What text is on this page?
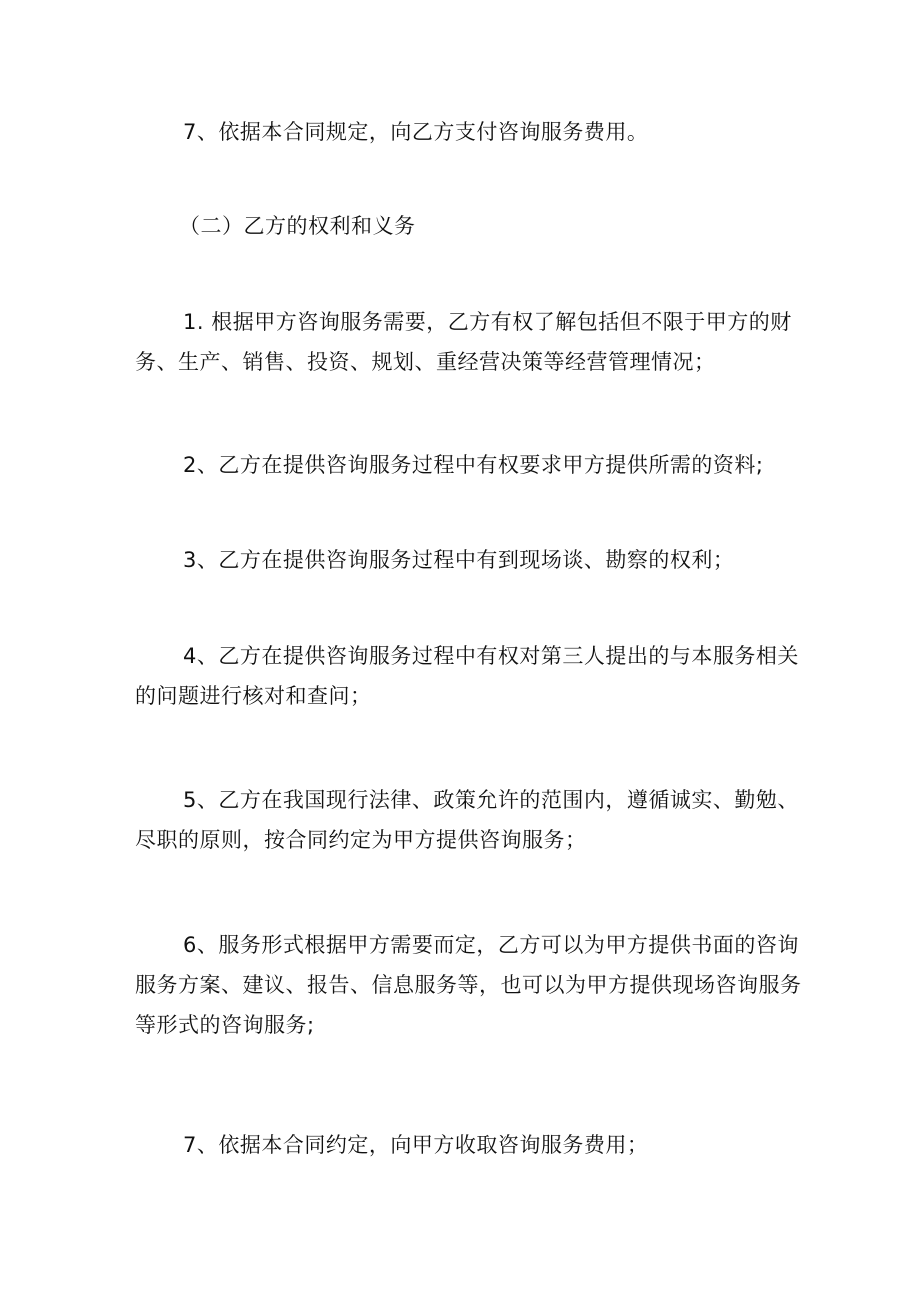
7、依据本合同规定，向乙方支付咨询服务费用。

（二）乙方的权利和义务

1. 根据甲方咨询服务需要，乙方有权了解包括但不限于甲方的财务、生产、销售、投资、规划、重经营决策等经营管理情况；

2、乙方在提供咨询服务过程中有权要求甲方提供所需的资料;

3、乙方在提供咨询服务过程中有到现场谈、勘察的权利；

4、乙方在提供咨询服务过程中有权对第三人提出的与本服务相关的问题进行核对和查问；

5、乙方在我国现行法律、政策允许的范围内，遵循诚实、勤勉、尽职的原则，按合同约定为甲方提供咨询服务；

6、服务形式根据甲方需要而定，乙方可以为甲方提供书面的咨询服务方案、建议、报告、信息服务等，也可以为甲方提供现场咨询服务等形式的咨询服务;

7、依据本合同约定，向甲方收取咨询服务费用；
